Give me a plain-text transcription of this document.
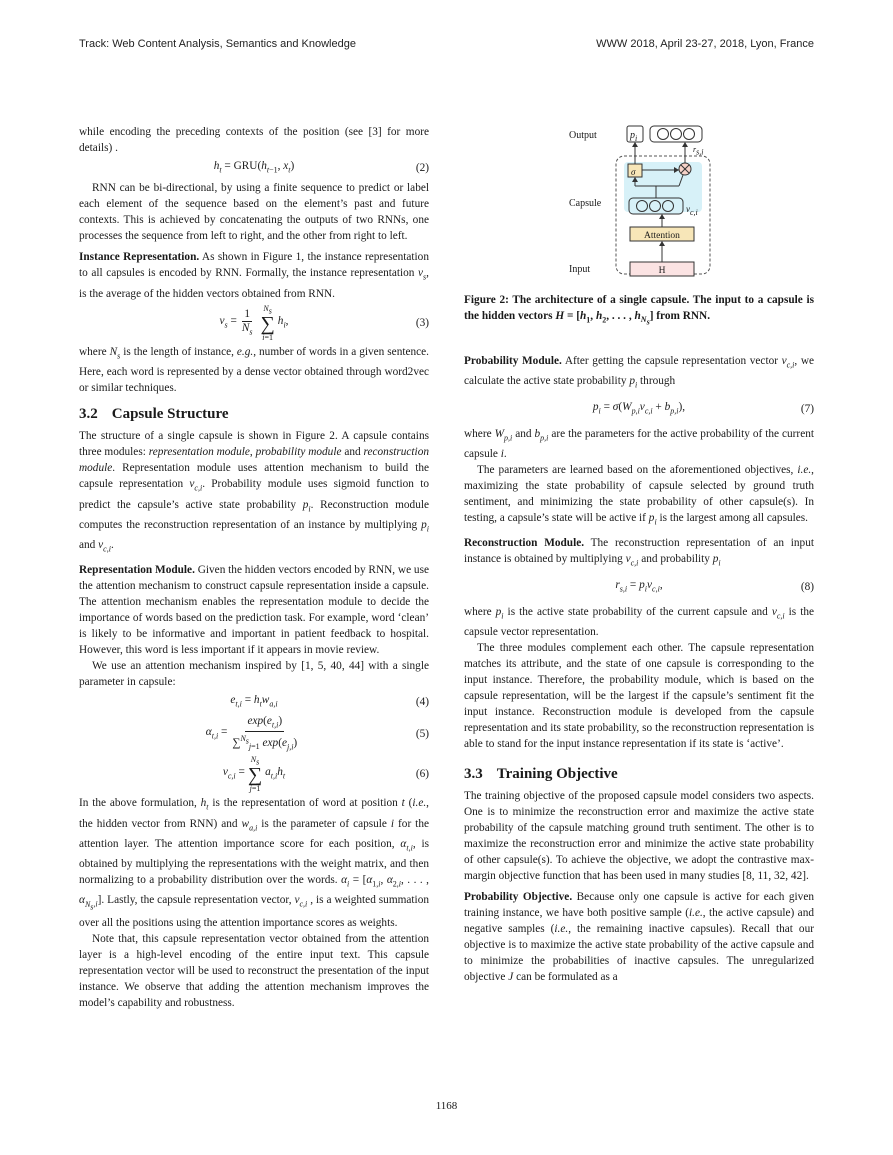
Track: Web Content Analysis, Semantics and Knowledge	WWW 2018, April 23-27, 2018, Lyon, France

while encoding the preceding contexts of the position (see [3] for more details) .

$h_t = GRU(h_{t-1}$, $x_t$)	(2)

RNN can be bi-directional, by using a finite sequence to predict or label each element of the sequence based on the element’s past and future contexts. This is achieved by concatenating the outputs of two RNNs, one processes the sequence from left to right, and the other from right to left.

Instance Representation. As shown in Figure 1, the instance representation to all capsules is encoded by RNN. Formally, the instance representation $v_s$, is the average of the hidden vectors obtained from RNN.

$v_s = \frac{1}{N_s} N_s$
∑
i=1
$h_i$,	(3)

where $N_s$ is the length of instance, e.g., number of words in a given sentence. Here, each word is represented by a dense vector obtained through word2vec or similar techniques.

3.2 Capsule Structure

The structure of a single capsule is shown in Figure 2. A capsule contains three modules: representation module, probability module and reconstruction module. Representation module uses attention mechanism to build the capsule representation $v_{c,i}$. Probability module uses sigmoid function to predict the capsule’s active state probability $p_i$. Reconstruction module computes the reconstruction representation of an instance by multiplying $p_i$ and $v_{c,i}$.

Representation Module. Given the hidden vectors encoded by RNN, we use the attention mechanism to construct capsule representation inside a capsule. The attention mechanism enables the representation module to decide the importance of words based on the prediction task. For example, word ‘clean’ is likely to be informative and important in patient feedback to hospital. However, this word is less important if it appears in movie review.

We use an attention mechanism inspired by [1, 5, 40, 44] with a single parameter in capsule:

$e_{t,i} = h_tw_{a,i}$	(4)
$\alpha_{t,i} = \frac{\exp(e_{t,i})}{\sum^{N_s}_{j=1} \exp(e_{j,i})}$	(5)
$v_{c,i}$ =
$N_s$
∑
j=1
$a_{t,i}h_t$	(6)

In the above formulation, $h_t$ is the representation of word at position t (i.e., the hidden vector from RNN) and $w_{a,i}$ is the parameter of capsule i for the attention layer. The attention importance score for each position, $\alpha_{t,i}$, is obtained by multiplying the representations with the weight matrix, and then normalizing to a probability distribution over the words. $\alpha_i = [\alpha_{1,i}$, $\alpha_{2,i}$, . . . , $\alpha_{N_s,i}$]. Lastly, the capsule representation vector, $v_{c,i}$ , is a weighted summation over all the positions using the attention importance scores as weights.

Note that, this capsule representation vector obtained from the attention layer is a high-level encoding of the entire input text. This capsule representation vector will be used to reconstruct the presentation of the input instance. We observe that adding the attention mechanism improves the model’s capability and robustness.

Output
Capsule
Input
$p_i$
σ
$r_{s,i}$
$v_{c,i}$
Attention
H

Figure 2: The architecture of a single capsule. The input to a capsule is the hidden vectors $H = [h_1$, $h_2$, . . . , $h_{N_s}$] from RNN.

Probability Module. After getting the capsule representation vector $v_{c,i}$, we calculate the active state probability $p_i$ through

$p_i = \sigma(W_{p,i}v_{c,i} + b_{p,i})$,	(7)

where $W_{p,i}$ and $b_{p,i}$ are the parameters for the active probability of the current capsule i.

The parameters are learned based on the aforementioned objectives, i.e., maximizing the state probability of capsule selected by ground truth sentiment, and minimizing the state probability of other capsule(s). In testing, a capsule’s state will be active if $p_i$ is the largest among all capsules.

Reconstruction Module. The reconstruction representation of an input instance is obtained by multiplying $v_{c,i}$ and probability $p_i$

$r_{s,i} = p_iv_{c,i}$,	(8)

where $p_i$ is the active state probability of the current capsule and $v_{c,i}$ is the capsule vector representation.

The three modules complement each other. The capsule representation matches its attribute, and the state of one capsule is corresponding to the input instance. Therefore, the probability module, which is based on the capsule representation, will be the largest if the capsule’s sentiment fit the input instance. Reconstruction module is developed from the capsule representation and its state probability, so the reconstruction representation is able to stand for the input instance representation if its state is ‘active’.

3.3 Training Objective

The training objective of the proposed capsule model considers two aspects. One is to minimize the reconstruction error and maximize the active state probability of the capsule matching ground truth sentiment. The other is to maximize the reconstruction error and minimize the active state probability of other capsule(s). To achieve the objective, we adopt the contrastive max-margin objective function that has been used in many studies [8, 11, 32, 42].

Probability Objective. Because only one capsule is active for each given training instance, we have both positive sample (i.e., the active capsule) and negative samples (i.e., the remaining inactive capsules). Recall that our objective is to maximize the active state probability of the active capsule and to minimize the probabilities of inactive capsules. The unregularized objective J can be formulated as a

1168
